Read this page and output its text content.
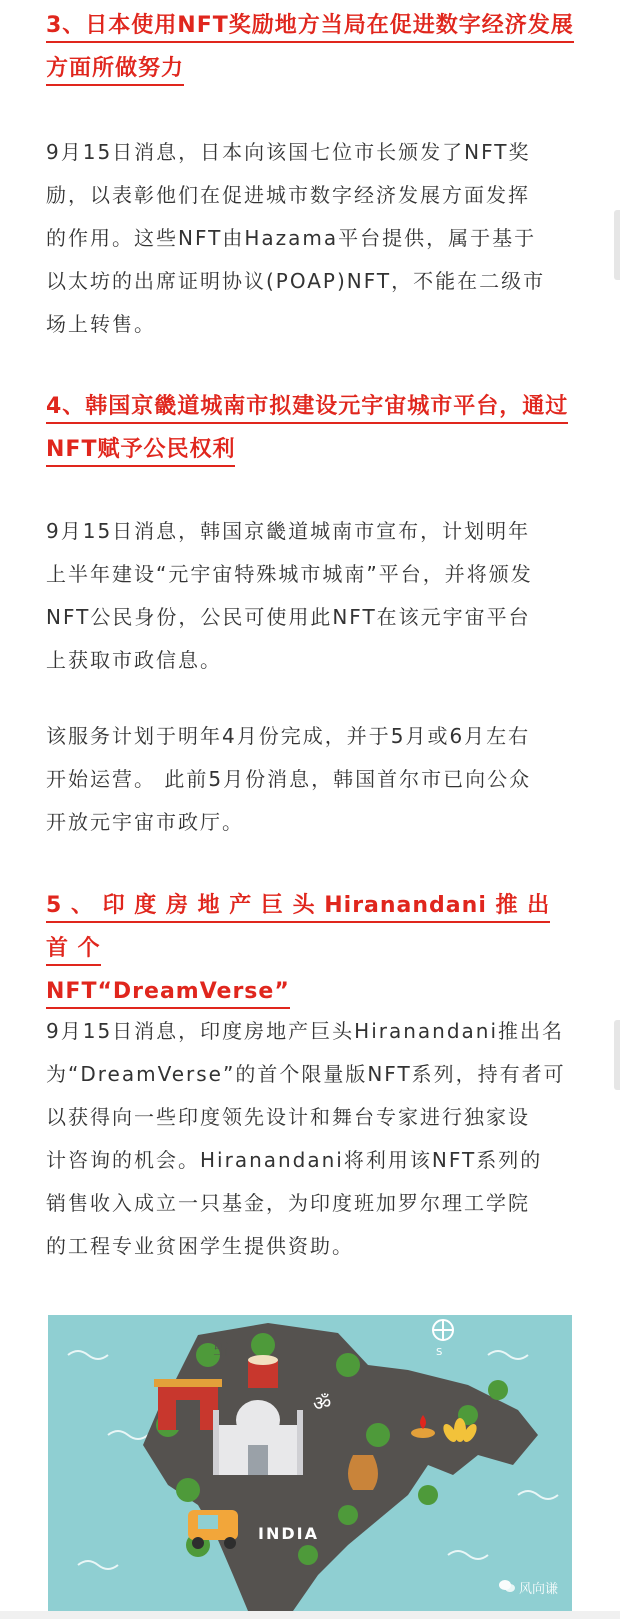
3、日本使用NFT奖励地方当局在促进数字经济发展
方面所做努力

9月15日消息，日本向该国七位市长颁发了NFT奖
励，以表彰他们在促进城市数字经济发展方面发挥
的作用。这些NFT由Hazama平台提供，属于基于
以太坊的出席证明协议(POAP)NFT，不能在二级市
场上转售。

4、韩国京畿道城南市拟建设元宇宙城市平台，通过
NFT赋予公民权利

9月15日消息，韩国京畿道城南市宣布，计划明年
上半年建设“元宇宙特殊城市城南”平台，并将颁发
NFT公民身份，公民可使用此NFT在该元宇宙平台
上获取市政信息。

该服务计划于明年4月份完成，并于5月或6月左右
开始运营。 此前5月份消息，韩国首尔市已向公众
开放元宇宙市政厅。

5 、 印 度 房 地 产 巨 头 Hiranandani 推 出 首 个
NFT“DreamVerse”

9月15日消息，印度房地产巨头Hiranandani推出名
为“DreamVerse”的首个限量版NFT系列，持有者可
以获得向一些印度领先设计和舞台专家进行独家设
计咨询的机会。Hiranandani将利用该NFT系列的
销售收入成立一只基金，为印度班加罗尔理工学院
的工程专业贫困学生提供资助。

ॐ
卐	S
INDIA
风向谦
